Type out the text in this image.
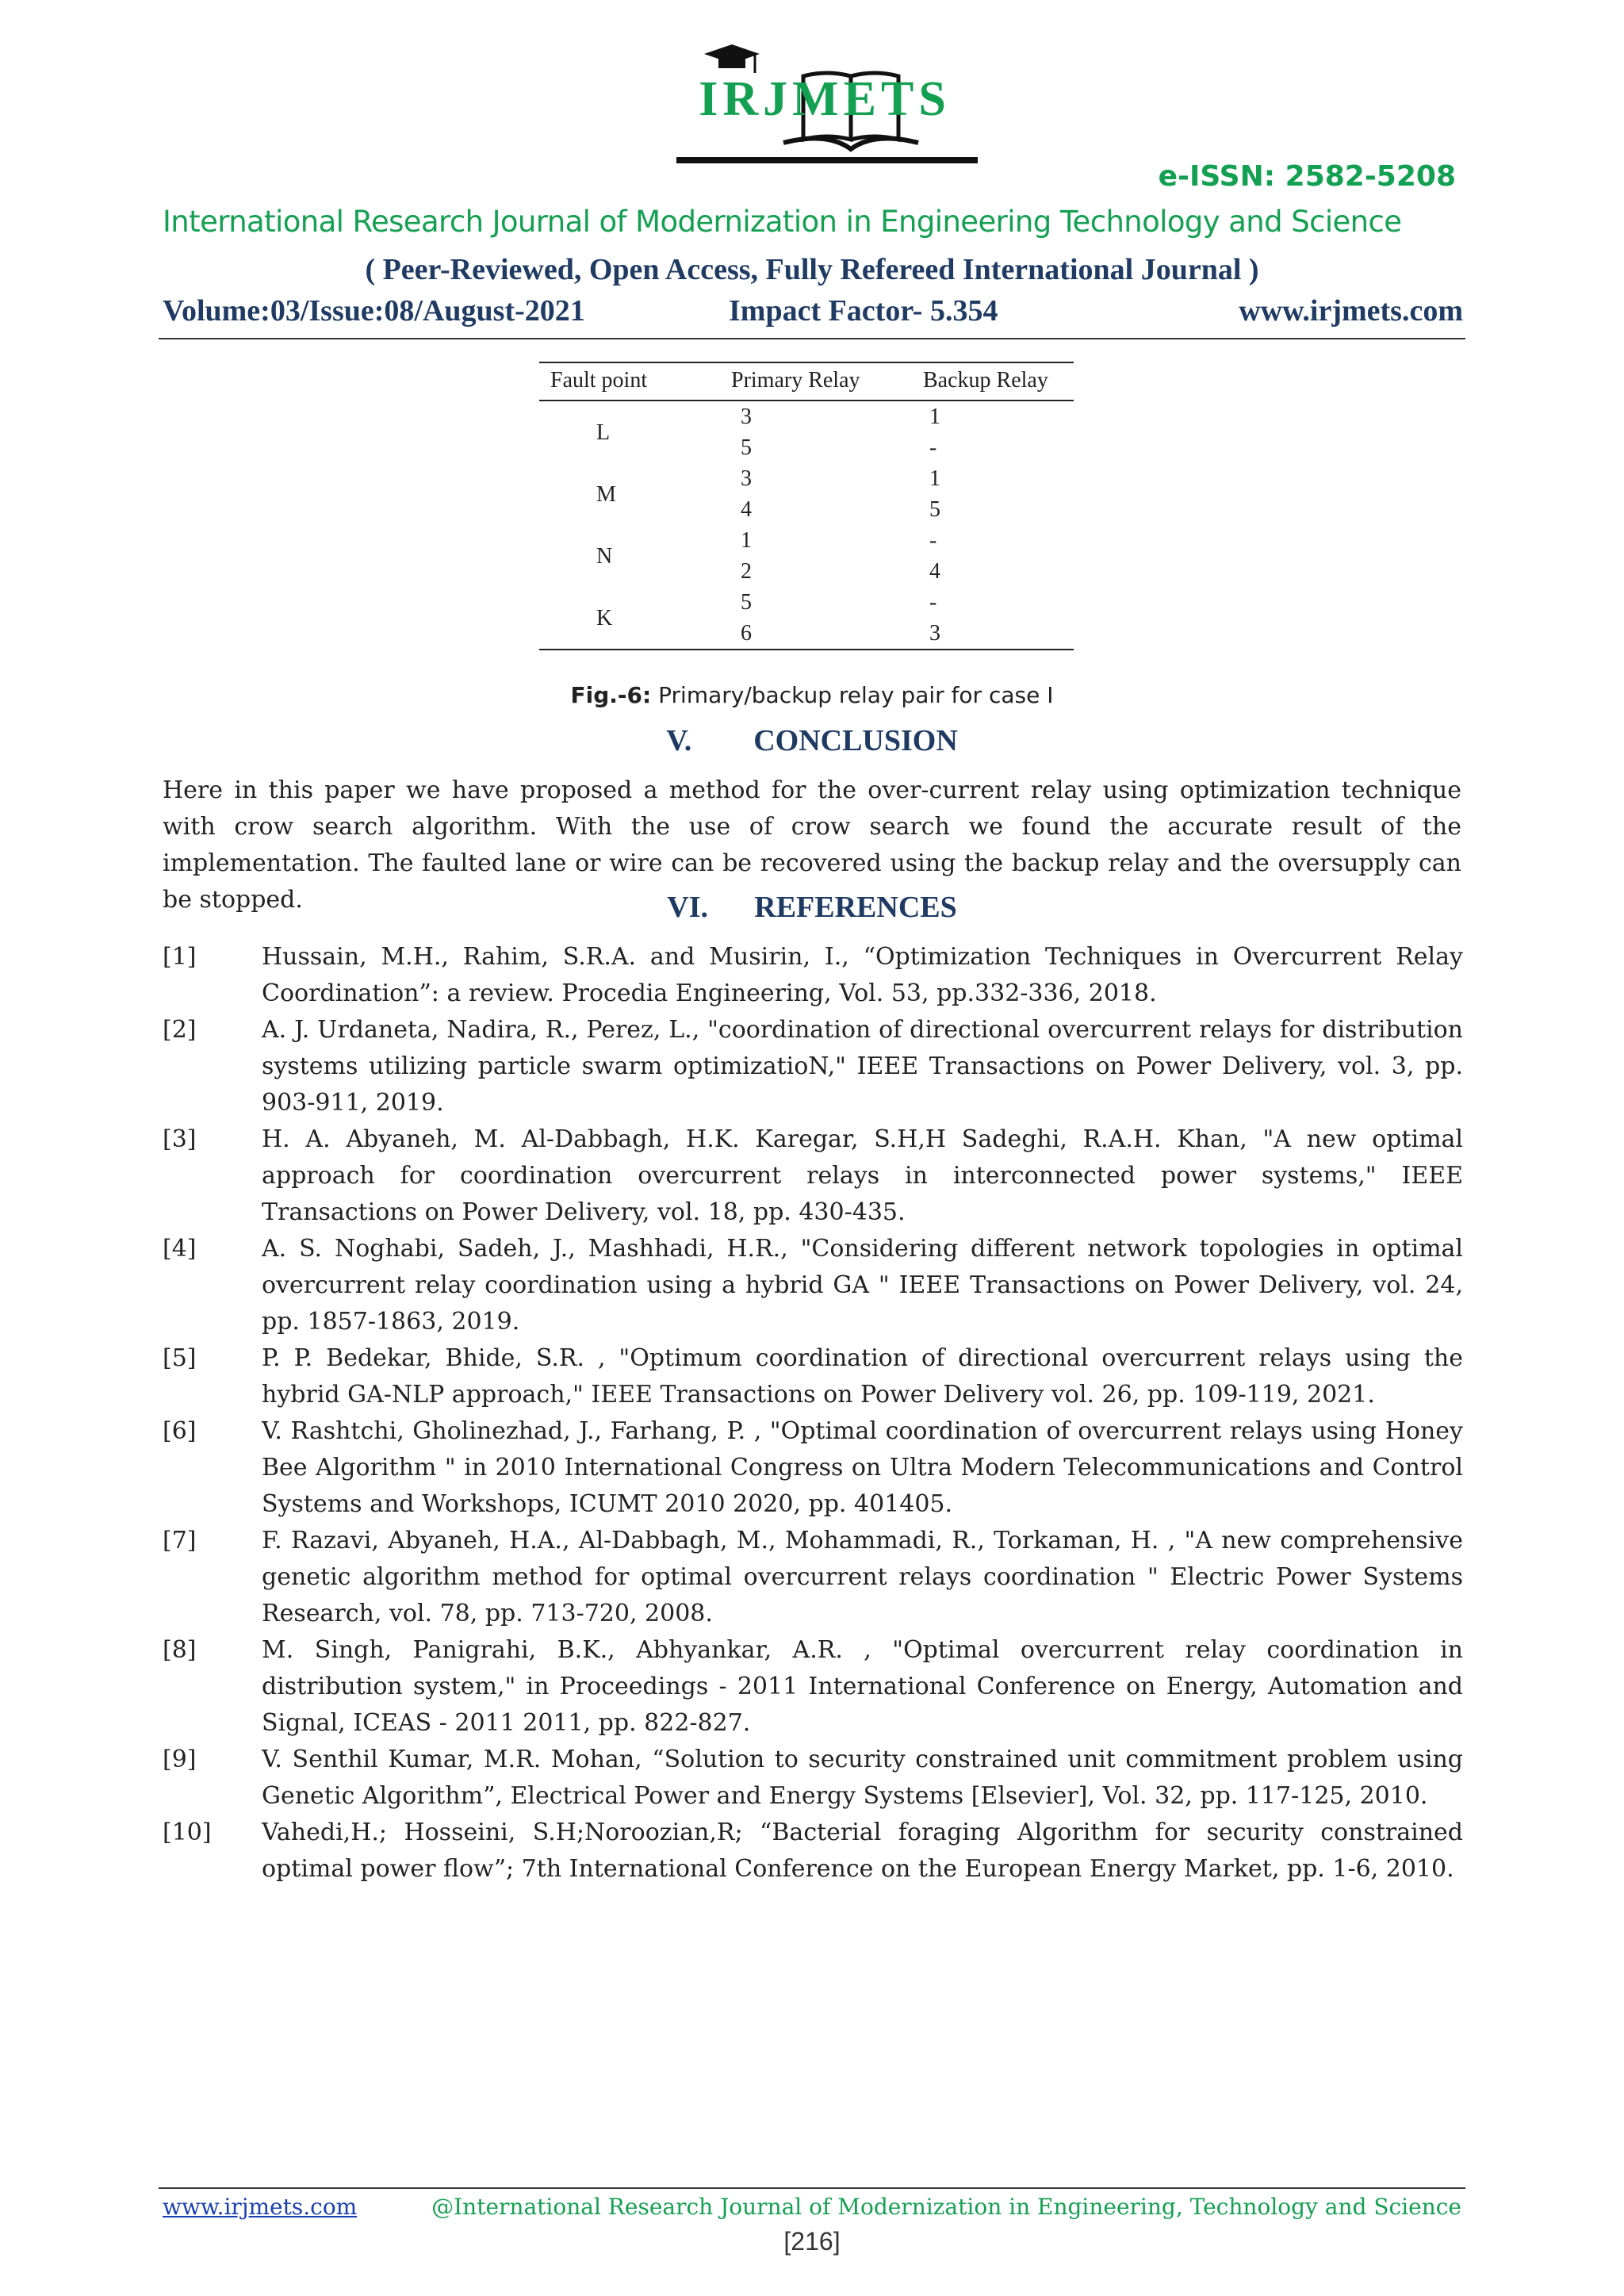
IRJMETS
e-ISSN: 2582-5208
International Research Journal of Modernization in Engineering Technology and Science
( Peer-Reviewed, Open Access, Fully Refereed International Journal )
Volume:03/Issue:08/August-2021	Impact Factor- 5.354	www.irjmets.com
Fault point	Primary Relay	Backup Relay
L	3	1
	5	-
M	3	1
	4	5
N	1	-
	2	4
K	5	-
	6	3
Fig.-6: Primary/backup relay pair for case I
V. CONCLUSION
Here in this paper we have proposed a method for the over-current relay using optimization technique with crow search algorithm. With the use of crow search we found the accurate result of the implementation. The faulted lane or wire can be recovered using the backup relay and the oversupply can be stopped.	VI. REFERENCES
[1]	Hussain, M.H., Rahim, S.R.A. and Musirin, I., “Optimization Techniques in Overcurrent Relay Coordination”: a review. Procedia Engineering, Vol. 53, pp.332-336, 2018.
[2]	A. J. Urdaneta, Nadira, R., Perez, L., "coordination of directional overcurrent relays for distribution systems utilizing particle swarm optimizatioN," IEEE Transactions on Power Delivery, vol. 3, pp. 903-911, 2019.
[3]	H. A. Abyaneh, M. Al-Dabbagh, H.K. Karegar, S.H,H Sadeghi, R.A.H. Khan, "A new optimal approach for coordination overcurrent relays in interconnected power systems," IEEE Transactions on Power Delivery, vol. 18, pp. 430-435.
[4]	A. S. Noghabi, Sadeh, J., Mashhadi, H.R., "Considering different network topologies in optimal overcurrent relay coordination using a hybrid GA " IEEE Transactions on Power Delivery, vol. 24, pp. 1857-1863, 2019.
[5]	P. P. Bedekar, Bhide, S.R. , "Optimum coordination of directional overcurrent relays using the hybrid GA-NLP approach," IEEE Transactions on Power Delivery vol. 26, pp. 109-119, 2021.
[6]	V. Rashtchi, Gholinezhad, J., Farhang, P. , "Optimal coordination of overcurrent relays using Honey Bee Algorithm " in 2010 International Congress on Ultra Modern Telecommunications and Control Systems and Workshops, ICUMT 2010 2020, pp. 401405.
[7]	F. Razavi, Abyaneh, H.A., Al-Dabbagh, M., Mohammadi, R., Torkaman, H. , "A new comprehensive genetic algorithm method for optimal overcurrent relays coordination " Electric Power Systems Research, vol. 78, pp. 713-720, 2008.
[8]	M. Singh, Panigrahi, B.K., Abhyankar, A.R. , "Optimal overcurrent relay coordination in distribution system," in Proceedings - 2011 International Conference on Energy, Automation and Signal, ICEAS - 2011 2011, pp. 822-827.
[9]	V. Senthil Kumar, M.R. Mohan, “Solution to security constrained unit commitment problem using Genetic Algorithm”, Electrical Power and Energy Systems [Elsevier], Vol. 32, pp. 117-125, 2010.
[10] Vahedi,H.; Hosseini, S.H;Noroozian,R; “Bacterial foraging Algorithm for security constrained optimal power flow”; 7th International Conference on the European Energy Market, pp. 1-6, 2010.
www.irjmets.com	@International Research Journal of Modernization in Engineering, Technology and Science
[216]
